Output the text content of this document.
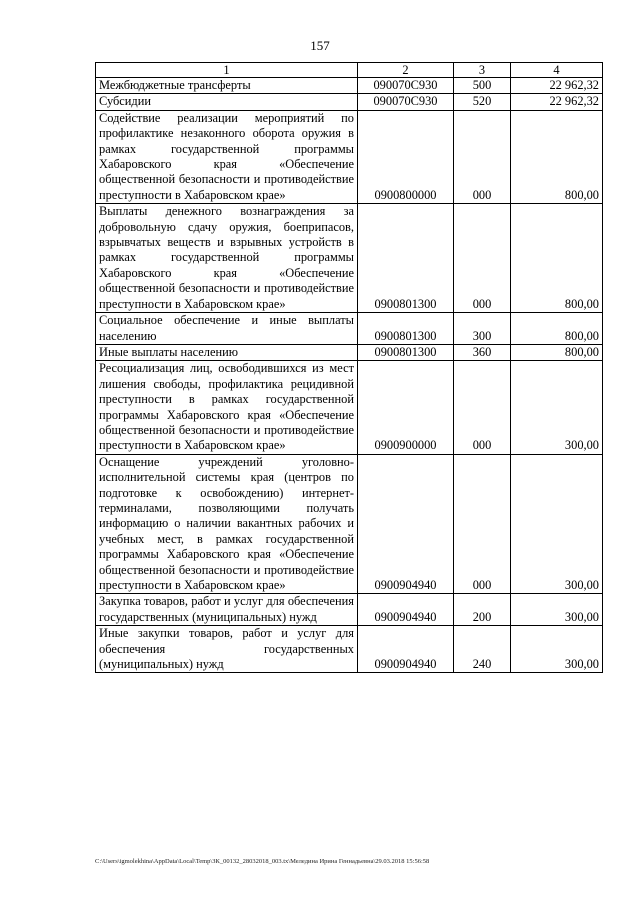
157
1	2	3	4
Межбюджетные трансферты	090070С930	500	22 962,32
Субсидии	090070С930	520	22 962,32
Содействие реализации мероприятий по профилактике незаконного оборота оружия в рамках государственной программы Хабаровского края «Обеспечение общественной безопасности и противодействие преступности в Хабаровском крае»	0900800000	000	800,00
Выплаты денежного вознаграждения за добровольную сдачу оружия, боеприпасов, взрывчатых веществ и взрывных устройств в рамках государственной программы Хабаровского края «Обеспечение общественной безопасности и противодействие преступности в Хабаровском крае»	0900801300	000	800,00
Социальное обеспечение и иные выплаты населению	0900801300	300	800,00
Иные выплаты населению	0900801300	360	800,00
Ресоциализация лиц, освободившихся из мест лишения свободы, профилактика рецидивной преступности в рамках государственной программы Хабаровского края «Обеспечение общественной безопасности и противодействие преступности в Хабаровском крае»	0900900000	000	300,00
Оснащение учреждений уголовно-исполнительной системы края (центров по подготовке к освобождению) интернет-терминалами, позволяющими получать информацию о наличии вакантных рабочих и учебных мест, в рамках государственной программы Хабаровского края «Обеспечение общественной безопасности и противодействие преступности в Хабаровском крае»	0900904940	000	300,00
Закупка товаров, работ и услуг для обеспечения государственных (муниципальных) нужд	0900904940	200	300,00
Иные закупки товаров, работ и услуг для обеспечения государственных (муниципальных) нужд	0900904940	240	300,00
C:\Users\igmolekhina\AppData\Local\Temp\ЗК_00132_28032018_003.tx\Меледина Ирина Геннадьевна\29.03.2018 15:56:58
